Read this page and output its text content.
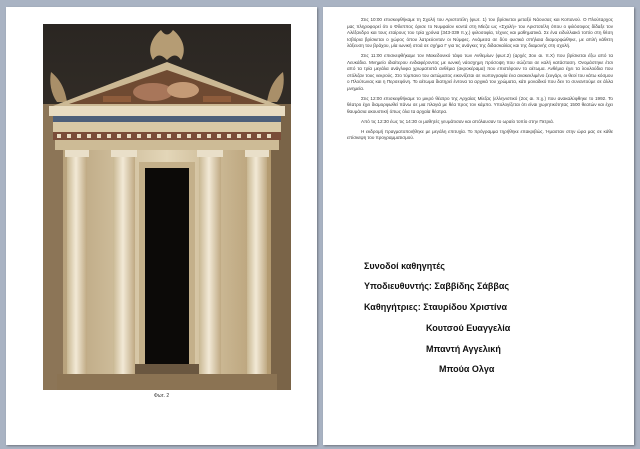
Φωτ. 2

Στις 10:00 επισκεφθήκαμε τη Σχολή του Αριστοτέλη (φωτ. 1) του βρίσκεται μεταξύ Νάουσας και Κοπανού. Ο Πλούταρχος μας πληροφορεί ότι ο Φίλιππος όρισε το Νυμφαίον κοντά στη Μίεζα ως «Σχολή» του Αριστοτέλη όπου ο φιλόσοφος δίδαξε τον Αλέξανδρο και τους εταίρους του τρία χρόνια (343-339 π.χ.) φιλοσοφία, τέχνες και μαθηματικά. Σε ένα ειδυλλιακό τοπίο στη θέση Ισβόρια βρίσκεται ο χώρος όπου λατρεύονταν οι Νύμφες. Ανάμεσα σε δύο φυσικά σπήλαια διαμορφώθηκε, με απλή κάθετη λάξευση του βράχου, μία ιωνική στοά σε σχήμα Γ για τις ανάγκες της διδασκαλίας και της διαμονής στη σχολή.

Στις 11:00 επισκεφθήκαμε τον Μακεδονικό τάφο των Ανθεμίων (φωτ.2) (αρχές 3ου αι. π.Χ) που βρίσκεται έξω από τα Λευκάδια. Μνημείο ιδιαίτερου ενδιαφέροντος με ιωνική νάοσχημη πρόσοψη που σώζεται σε καλή κατάσταση. Ονομάστηκε έτσι από τα τρία μεγάλα ανάγλυφα χρωματιστά ανθέμια (ακροκέραμα) που επιστέφουν το αέτωμα. Ανθέμια έχει τα λουλούδια που στόλιζαν τους νεκρούς. Στο τύμπανο του αετώματος εικονίζεται σε νωπογραφία ένα ανακεκλιμένο ζευγάρι, οι θεοί του κάτω κόσμου ο Πλούτωνας και η Περσεφόνη. Το αέτωμα διατηρεί έντονα τα αρχικά του χρώματα, κάτι μοναδικό που δεν το συναντούμε σε άλλα μνημεία.

Στις 12:00 επισκεφθήκαμε το μικρό θέατρο της Αρχαίας Μίεζας (ελληνιστικό (2ος αι. π.χ.) που ανακαλύφθηκε το 1992. Το θέατρο έχει διαμορφωθεί πάνω σε μια πλαγιά με θέα προς τον κάμπο. Υπολογίζεται ότι είναι χωρητικότητας 1500 θεατών και έχει θαυμάσια ακουστική όπως όλα τα αρχαία θέατρα.

Από τις 12:30 έως τις 14:30 οι μαθητές γευμάτισαν και απόλαυσαν το ωραίο τοπίο στην Πετριά.

Η εκδρομή πραγματοποιήθηκε με μεγάλη επιτυχία. Το πρόγραμμα τηρήθηκε επακριβώς. Ήμασταν στην ώρα μας σε κάθε επίσκεψη του προγραμματισμού.

Συνοδοί καθηγητές
Υποδιευθυντής: Σαββίδης Σάββας
Καθηγήτριες: Σταυρίδου Χριστίνα
Κουτσού Ευαγγελία
Μπαντή Αγγελική
Μπούα Ολγα
